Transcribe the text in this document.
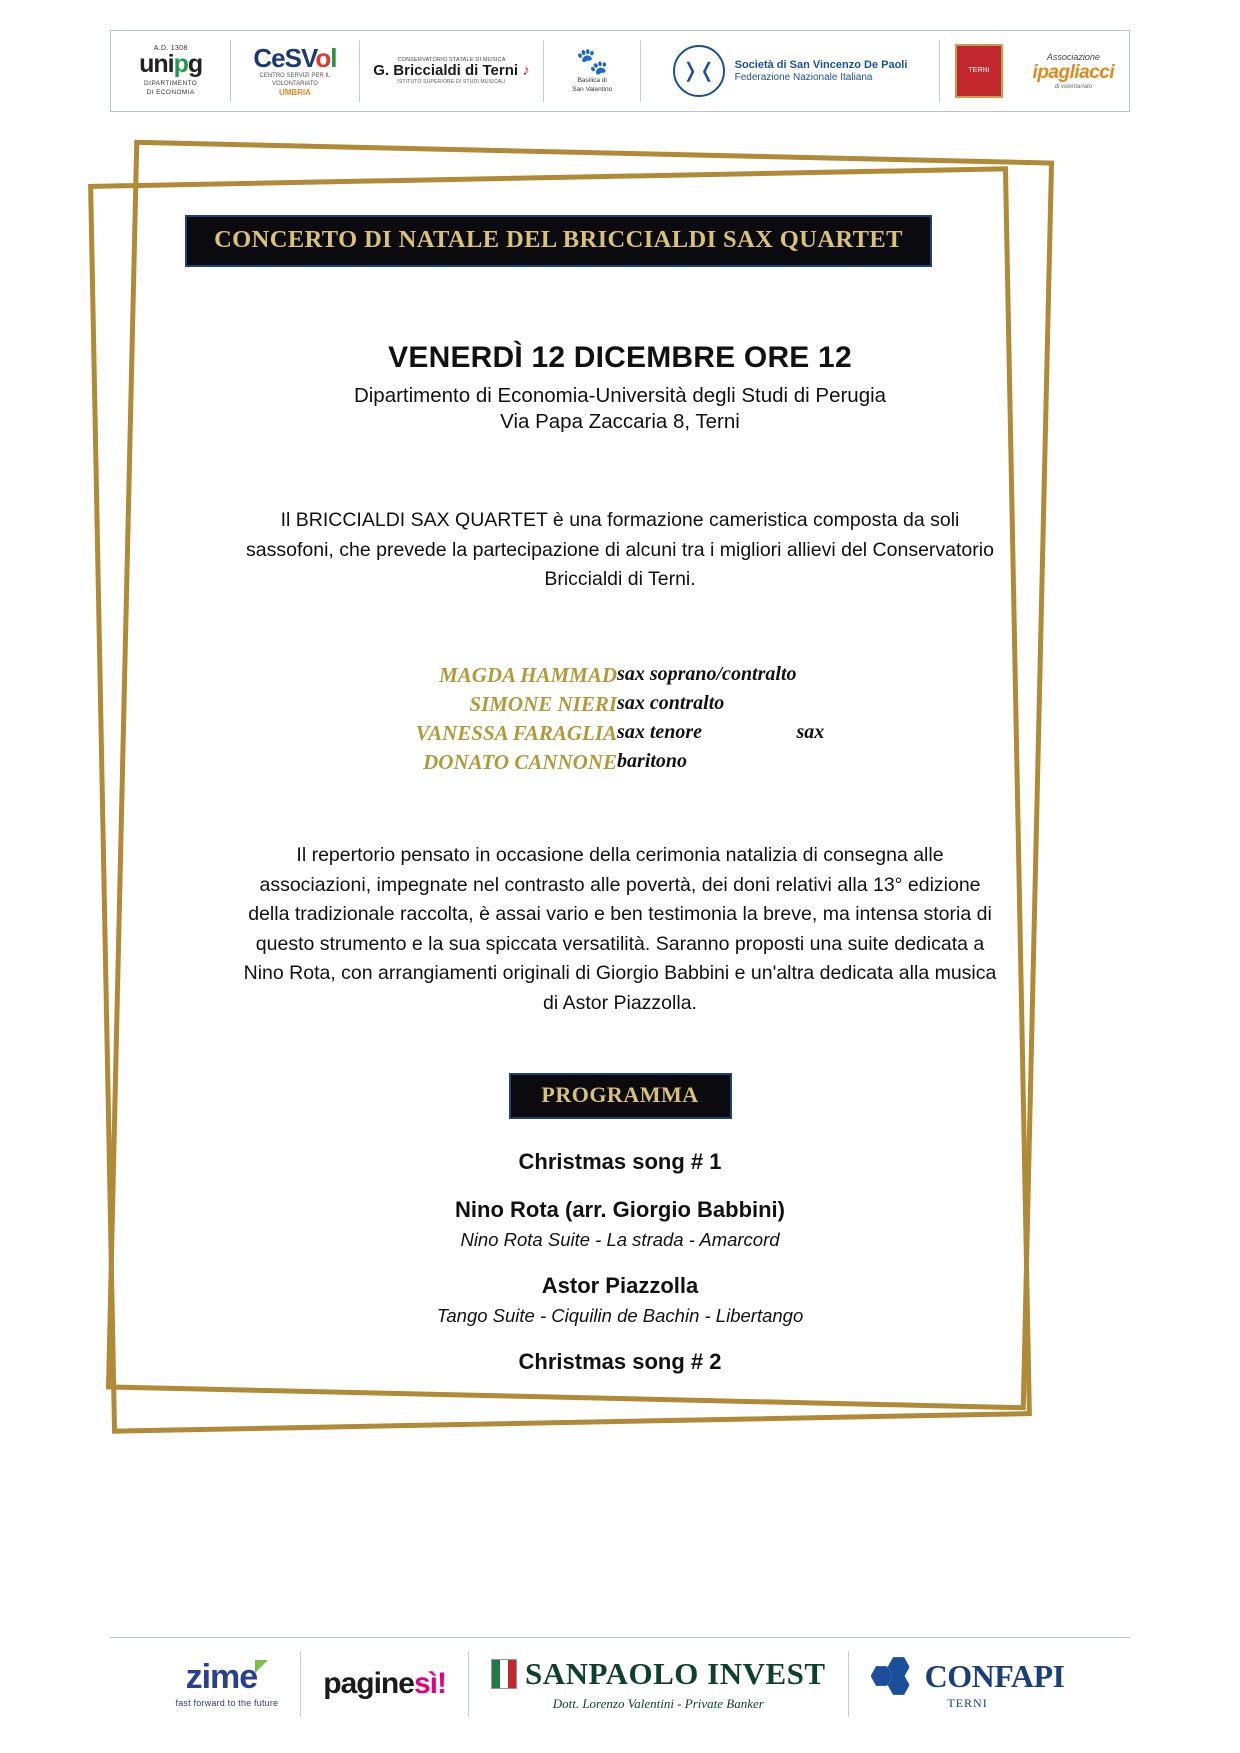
A.D. 1308
unipg
DIPARTIMENTO
DI ECONOMIA
CeSVol
CENTRO SERVIZI PER IL VOLONTARIATO
UMBRIA
CONSERVATORIO STATALE DI MUSICA
G. Briccialdi di Terni ♪
ISTITUTO SUPERIORE DI STUDI MUSICALI
🐾
Basilica di
San Valentino
❭❬ Società di San Vincenzo De Paoli
Federazione Nazionale Italiana
TERNI
Associazione
ipagliacci
di volontariato
CONCERTO DI NATALE DEL BRICCIALDI SAX QUARTET
VENERDÌ 12 DICEMBRE ORE 12
Dipartimento di Economia-Università degli Studi di Perugia
Via Papa Zaccaria 8, Terni
Il BRICCIALDI SAX QUARTET è una formazione cameristica composta da soli sassofoni, che prevede la partecipazione di alcuni tra i migliori allievi del Conservatorio Briccialdi di Terni.
MAGDA HAMMAD	sax soprano/contralto	
SIMONE NIERI	sax contralto	
VANESSA FARAGLIA	sax tenore	sax
DONATO CANNONE	baritono	
Il repertorio pensato in occasione della cerimonia natalizia di consegna alle associazioni, impegnate nel contrasto alle povertà, dei doni relativi alla 13° edizione della tradizionale raccolta, è assai vario e ben testimonia la breve, ma intensa storia di questo strumento e la sua spiccata versatilità. Saranno proposti una suite dedicata a Nino Rota, con arrangiamenti originali di Giorgio Babbini e un'altra dedicata alla musica di Astor Piazzolla.
PROGRAMMA
Christmas song # 1
Nino Rota (arr. Giorgio Babbini)
Nino Rota Suite - La strada - Amarcord
Astor Piazzolla
Tango Suite - Ciquilin de Bachin - Libertango
Christmas song # 2
zime
fast forward to the future
paginesì!	SANPAOLO INVEST
Dott. Lorenzo Valentini - Private Banker
CONFAPI
TERNI
